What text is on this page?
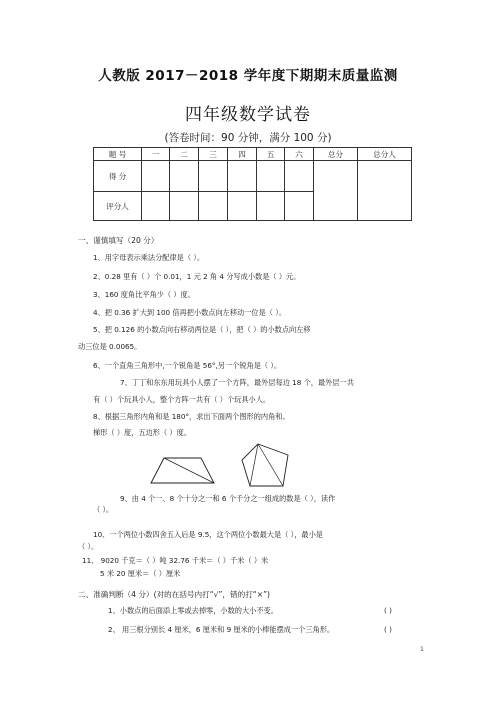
人教版 2017－2018 学年度下期期末质量监测
四年级数学试卷
(答卷时间：90 分钟，满分 100 分)
题 号	一	二	三	四	五	六	总分	总分人
得 分								
评分人								
一、谨慎填写（20 分）
1、用字母表示乘法分配律是（ ）。
2、0.28 里有（ ）个 0.01，1 元 2 角 4 分写成小数是（ ）元。
3、160 度角比平角少（ ）度。
4、把 0.36 扩大到 100 倍再把小数点向左移动一位是（ ）。
5、把 0.126 的小数点向右移动两位是（ ），把（ ）的小数点向左移
动三位是 0.0065。
6、一个直角三角形中,一个锐角是 56°,另一个锐角是（ ）。
7、丁丁和东东用玩具小人摆了一个方阵，最外层每边 18 个，最外层一共
有（ ）个玩具小人，整个方阵一共有（ ）个玩具小人。
8、根据三角形内角和是 180°，求出下面两个图形的内角和。
梯形（ ）度，五边形（ ）度。
9、由 4 个一、8 个十分之一和 6 个千分之一组成的数是（ ），读作
（ ）。
10、一个两位小数四舍五入后是 9.5，这个两位小数最大是（ ），最小是
（ ）。
11、 9020 千克＝（ ）吨 32.76 千米＝（ ）千米（ ）米
5 米 20 厘米＝（ ）厘米
二、准确判断（4 分）(对的在括号内打“√”，错的打“×”)
1、小数点的后面添上零或去掉零，小数的大小不变。	( )
2、 用三根分别长 4 厘米，6 厘米和 9 厘米的小棒能摆成一个三角形。	( )
1
